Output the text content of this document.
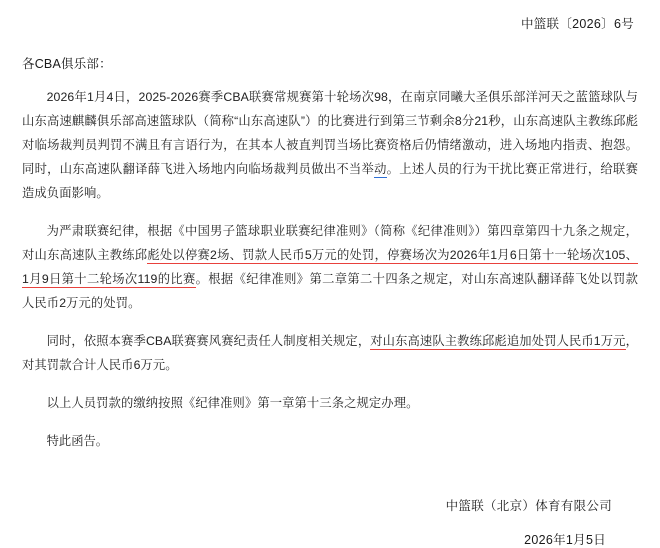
中篮联〔2026〕6号
各CBA俱乐部：
2026年1月4日，2025-2026赛季CBA联赛常规赛第十轮场次98，在南京同曦大圣俱乐部洋河天之蓝篮球队与山东高速麒麟俱乐部高速篮球队（简称“山东高速队”）的比赛进行到第三节剩余8分21秒，山东高速队主教练邱彪对临场裁判员判罚不满且有言语行为，在其本人被直判罚当场比赛资格后仍情绪激动，进入场地内指责、抱怨。同时，山东高速队翻译薛飞进入场地内向临场裁判员做出不当举动。上述人员的行为干扰比赛正常进行，给联赛造成负面影响。
为严肃联赛纪律，根据《中国男子篮球职业联赛纪律准则》（简称《纪律准则》）第四章第四十九条之规定，对山东高速队主教练邱彪处以停赛2场、罚款人民币5万元的处罚，停赛场次为2026年1月6日第十一轮场次105、1月9日第十二轮场次119的比赛。根据《纪律准则》第二章第二十四条之规定，对山东高速队翻译薛飞处以罚款人民币2万元的处罚。
同时，依照本赛季CBA联赛赛风赛纪责任人制度相关规定，对山东高速队主教练邱彪追加处罚人民币1万元，对其罚款合计人民币6万元。
以上人员罚款的缴纳按照《纪律准则》第一章第十三条之规定办理。
特此函告。
中篮联（北京）体育有限公司
2026年1月5日
